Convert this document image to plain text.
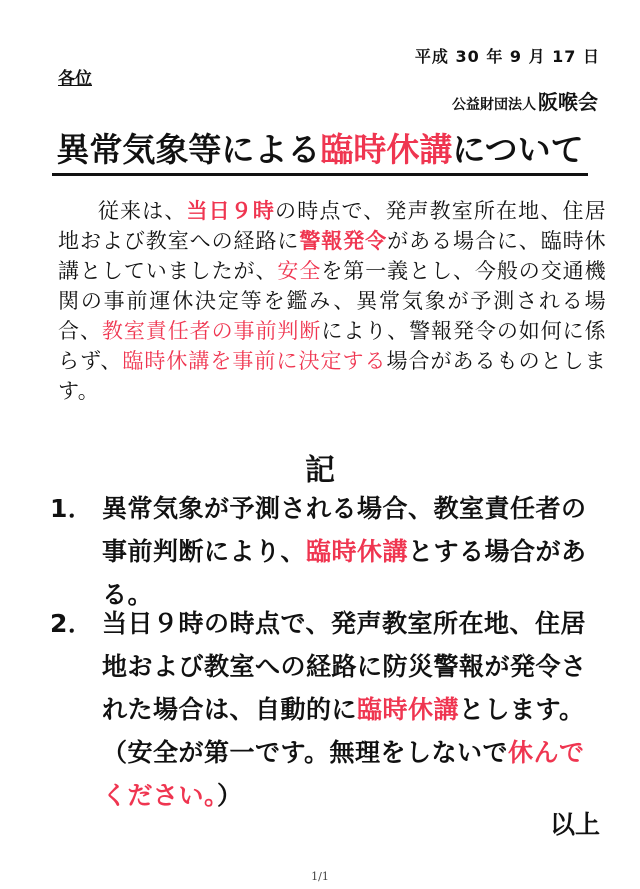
平成 30 年 9 月 17 日
各位
公益財団法人 阪喉会
異常気象等による臨時休講について
従来は、当日９時の時点で、発声教室所在地、住居地および教室への経路に警報発令がある場合に、臨時休講としていましたが、安全を第一義とし、今般の交通機関の事前運休決定等を鑑み、異常気象が予測される場合、教室責任者の事前判断により、警報発令の如何に係らず、臨時休講を事前に決定する場合があるものとします。
記
1． 異常気象が予測される場合、教室責任者の事前判断により、臨時休講とする場合がある。
2． 当日９時の時点で、発声教室所在地、住居地および教室への経路に防災警報が発令された場合は、自動的に臨時休講とします。（安全が第一です。無理をしないで休んでください。）
以上
1/1
